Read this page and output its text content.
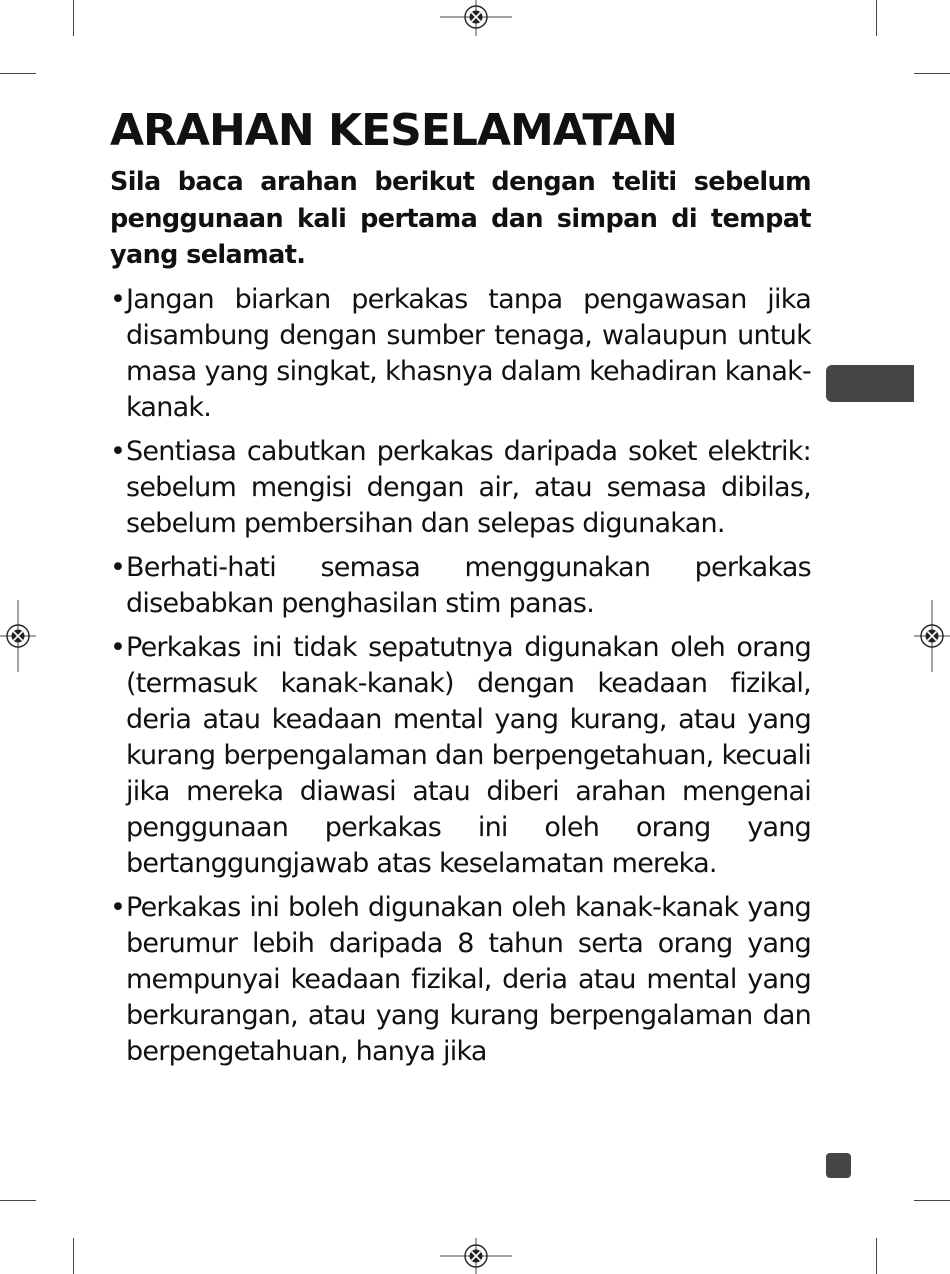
ARAHAN KESELAMATAN
Sila baca arahan berikut dengan teliti sebelum penggunaan kali pertama dan simpan di tempat yang selamat.
• Jangan biarkan perkakas tanpa pengawasan jika disambung dengan sumber tenaga, walaupun untuk masa yang singkat, khasnya dalam kehadiran kanak-kanak.
• Sentiasa cabutkan perkakas daripada soket elektrik: sebelum mengisi dengan air, atau semasa dibilas, sebelum pembersihan dan selepas digunakan.
• Berhati-hati semasa menggunakan perkakas disebabkan penghasilan stim panas.
• Perkakas ini tidak sepatutnya digunakan oleh orang (termasuk kanak-kanak) dengan keadaan fizikal, deria atau keadaan mental yang kurang, atau yang kurang berpengalaman dan berpengetahuan, kecuali jika mereka diawasi atau diberi arahan mengenai penggunaan perkakas ini oleh orang yang bertanggungjawab atas keselamatan mereka.
• Perkakas ini boleh digunakan oleh kanak-kanak yang berumur lebih daripada 8 tahun serta orang yang mempunyai keadaan fizikal, deria atau mental yang berkurangan, atau yang kurang berpengalaman dan berpengetahuan, hanya jika
